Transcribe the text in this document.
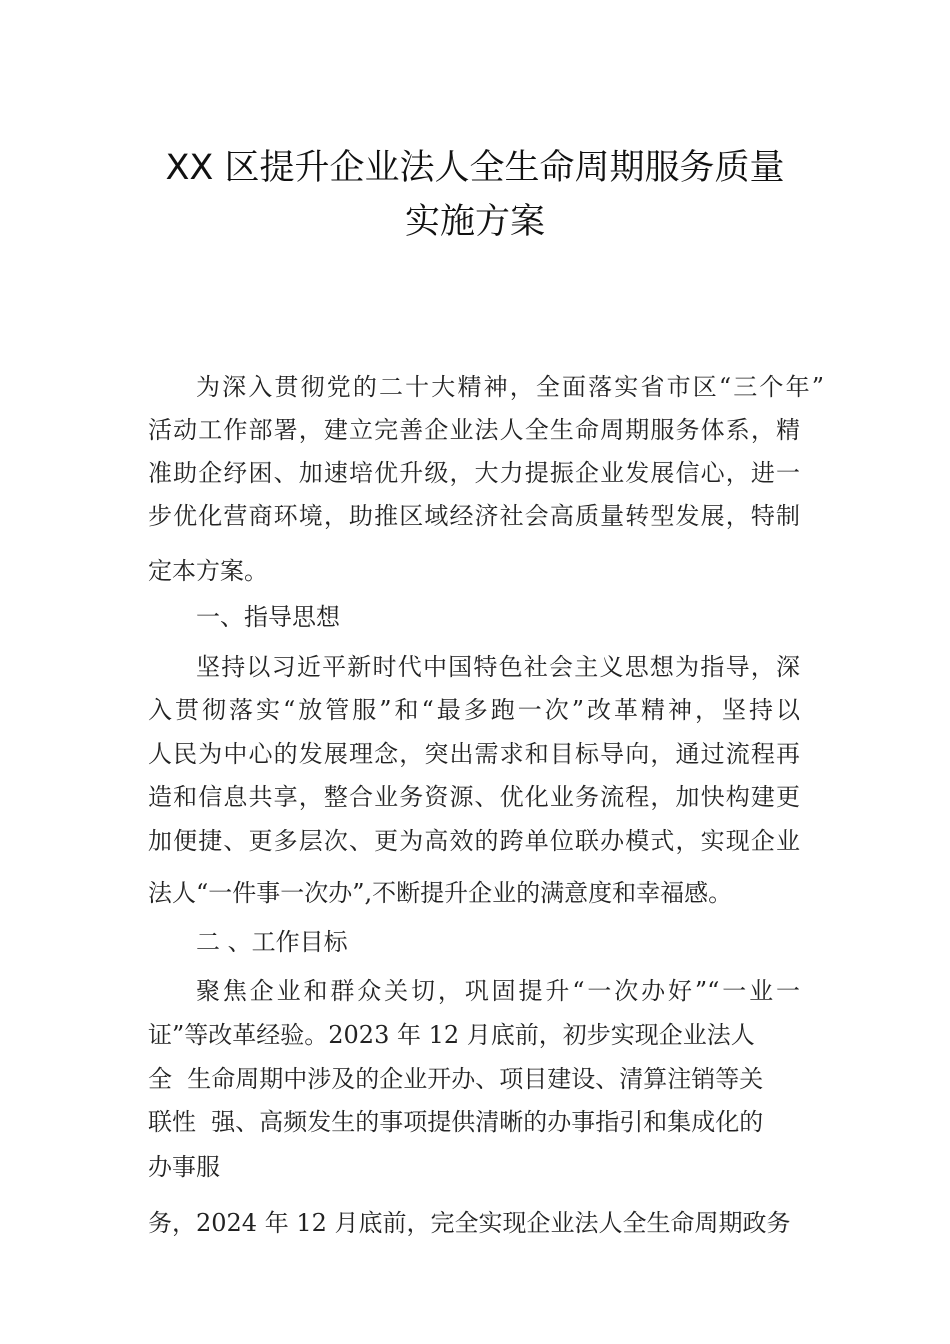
XX 区提升企业法人全生命周期服务质量
实施方案

为深入贯彻党的二十大精神，全面落实省市区“三个年”

活动工作部署，建立完善企业法人全生命周期服务体系，精

准助企纾困、加速培优升级，大力提振企业发展信心，进一

步优化营商环境，助推区域经济社会高质量转型发展，特制

定本方案。

一、指导思想

坚持以习近平新时代中国特色社会主义思想为指导，深

入贯彻落实“放管服”和“最多跑一次”改革精神，坚持以

人民为中心的发展理念，突出需求和目标导向，通过流程再

造和信息共享，整合业务资源、优化业务流程，加快构建更

加便捷、更多层次、更为高效的跨单位联办模式，实现企业

法人“一件事一次办”,不断提升企业的满意度和幸福感。

二 、工作目标

聚焦企业和群众关切，巩固提升“一次办好”“一业一

证”等改革经验。2023 年 12 月底前，初步实现企业法人

全  生命周期中涉及的企业开办、项目建设、清算注销等关

联性  强、高频发生的事项提供清晰的办事指引和集成化的

办事服

务，2024 年 12 月底前，完全实现企业法人全生命周期政务
